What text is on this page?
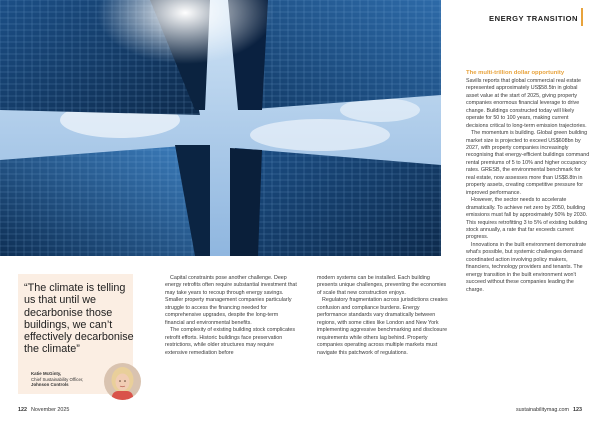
ENERGY TRANSITION
The multi-trillion dollar opportunity

Savills reports that global commercial real estate represented approximately US$58.5tn in global asset value at the start of 2025, giving property companies enormous financial leverage to drive change. Buildings constructed today will likely operate for 50 to 100 years, making current decisions critical to long-term emission trajectories.

The momentum is building. Global green building market size is projected to exceed US$608bn by 2027, with property companies increasingly recognising that energy-efficient buildings command rental premiums of 5 to 10% and higher occupancy rates. GRESB, the environmental benchmark for real estate, now assesses more than US$8.8tn in property assets, creating competitive pressure for improved performance.

However, the sector needs to accelerate dramatically. To achieve net zero by 2050, building emissions must fall by approximately 50% by 2030. This requires retrofitting 3 to 5% of existing building stock annually, a rate that far exceeds current progress.

Innovations in the built environment demonstrate what's possible, but systemic challenges demand coordinated action involving policy makers, financiers, technology providers and tenants. The energy transition in the built environment won't succeed without these companies leading the charge.

Capital constraints pose another challenge. Deep energy retrofits often require substantial investment that may take years to recoup through energy savings. Smaller property management companies particularly struggle to access the financing needed for comprehensive upgrades, despite the long-term financial and environmental benefits.

The complexity of existing building stock complicates retrofit efforts. Historic buildings face preservation restrictions, while older structures may require extensive remediation before

modern systems can be installed. Each building presents unique challenges, preventing the economies of scale that new construction enjoys.

Regulatory fragmentation across jurisdictions creates confusion and compliance burdens. Energy performance standards vary dramatically between regions, with some cities like London and New York implementing aggressive benchmarking and disclosure requirements while others lag behind. Property companies operating across multiple markets must navigate this patchwork of regulations.

“The climate is telling us that until we decarbonise those buildings, we can’t effectively decarbonise the climate”
Katie McGinty,
Chief Sustainability Officer,
Johnson Controls
122 November 2025	sustainabilitymag.com 123
